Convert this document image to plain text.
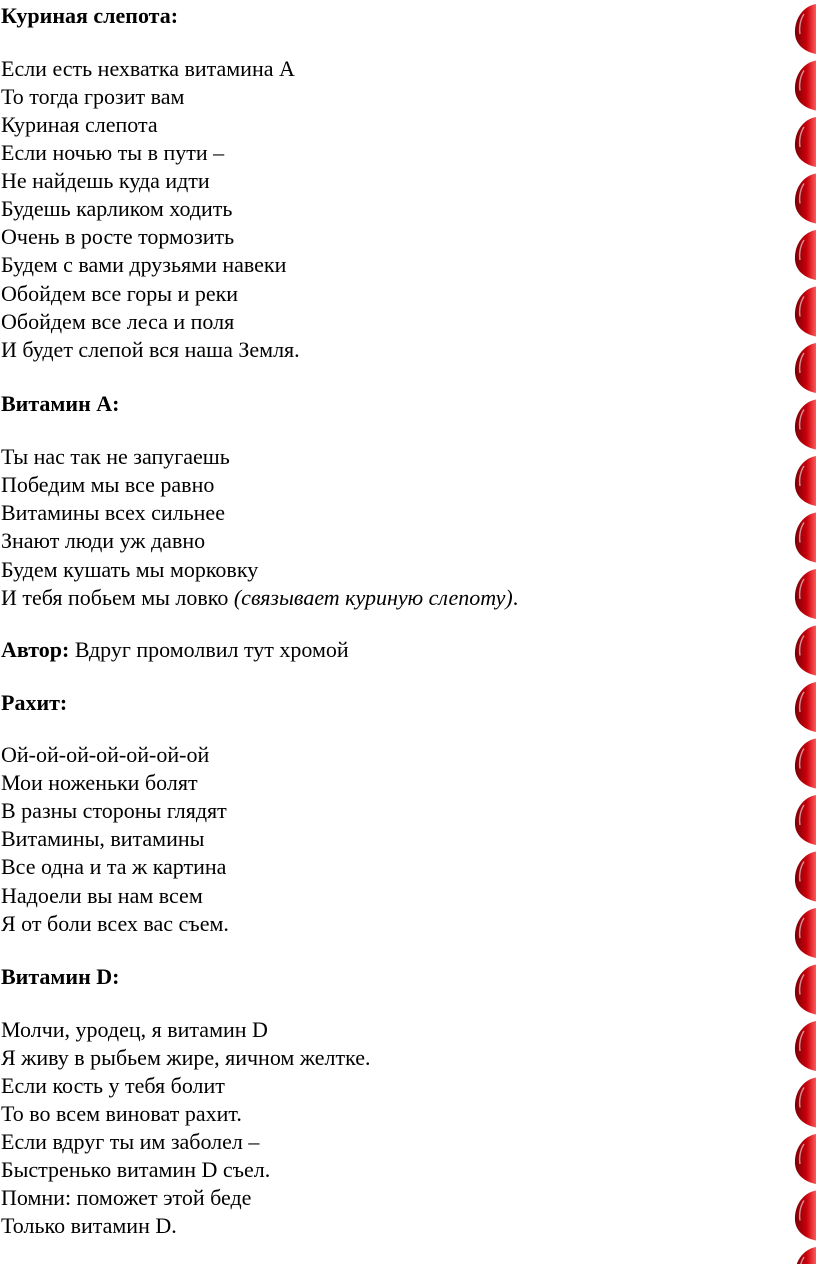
Куриная слепота:
Если есть нехватка витамина А
То тогда грозит вам
Куриная слепота
Если ночью ты в пути –
Не найдешь куда идти
Будешь карликом ходить
Очень в росте тормозить
Будем с вами друзьями навеки
Обойдем все горы и реки
Обойдем все леса и поля
И будет слепой вся наша Земля.
Витамин А:
Ты нас так не запугаешь
Победим мы все равно
Витамины всех сильнее
Знают люди уж давно
Будем кушать мы морковку
И тебя побьем мы ловко (связывает куриную слепоту).
Автор: Вдруг промолвил тут хромой
Рахит:
Ой-ой-ой-ой-ой-ой-ой
Мои ноженьки болят
В разны стороны глядят
Витамины, витамины
Все одна и та ж картина
Надоели вы нам всем
Я от боли всех вас съем.
Витамин D:
Молчи, уродец, я витамин D
Я живу в рыбьем жире, яичном желтке.
Если кость у тебя болит
То во всем виноват рахит.
Если вдруг ты им заболел –
Быстренько витамин D съел.
Помни: поможет этой беде
Только витамин D.
